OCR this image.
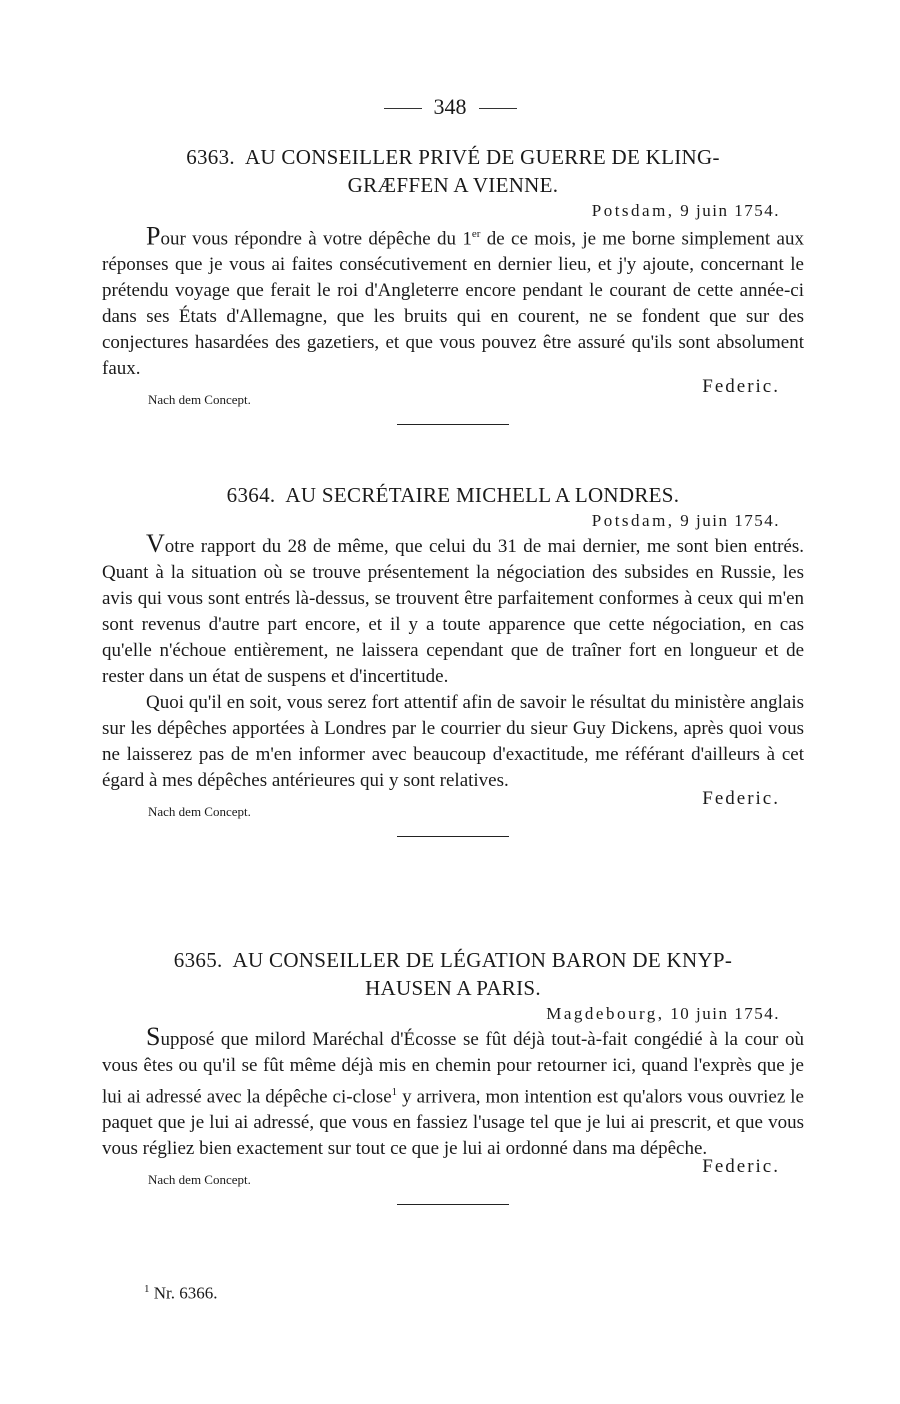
348
6363. AU CONSEILLER PRIVÉ DE GUERRE DE KLING-
GRÆFFEN A VIENNE.
Potsdam, 9 juin 1754.

Pour vous répondre à votre dépêche du 1er de ce mois, je me borne simplement aux réponses que je vous ai faites consécutivement en dernier lieu, et j'y ajoute, concernant le prétendu voyage que ferait le roi d'Angleterre encore pendant le courant de cette année-ci dans ses États d'Allemagne, que les bruits qui en courent, ne se fondent que sur des conjectures hasardées des gazetiers, et que vous pouvez être assuré qu'ils sont absolument faux.

Federic.
Nach dem Concept.
6364. AU SECRÉTAIRE MICHELL A LONDRES.
Potsdam, 9 juin 1754.

Votre rapport du 28 de même, que celui du 31 de mai dernier, me sont bien entrés. Quant à la situation où se trouve présentement la négociation des subsides en Russie, les avis qui vous sont entrés là-dessus, se trouvent être parfaitement conformes à ceux qui m'en sont revenus d'autre part encore, et il y a toute apparence que cette négociation, en cas qu'elle n'échoue entièrement, ne laissera cependant que de traîner fort en longueur et de rester dans un état de suspens et d'incertitude.

Quoi qu'il en soit, vous serez fort attentif afin de savoir le résultat du ministère anglais sur les dépêches apportées à Londres par le courrier du sieur Guy Dickens, après quoi vous ne laisserez pas de m'en informer avec beaucoup d'exactitude, me référant d'ailleurs à cet égard à mes dépêches antérieures qui y sont relatives.

Federic.
Nach dem Concept.
6365. AU CONSEILLER DE LÉGATION BARON DE KNYP-
HAUSEN A PARIS.
Magdebourg, 10 juin 1754.

Supposé que milord Maréchal d'Écosse se fût déjà tout-à-fait congédié à la cour où vous êtes ou qu'il se fût même déjà mis en chemin pour retourner ici, quand l'exprès que je lui ai adressé avec la dépêche ci-close$^1$ y arrivera, mon intention est qu'alors vous ouvriez le paquet que je lui ai adressé, que vous en fassiez l'usage tel que je lui ai prescrit, et que vous vous régliez bien exactement sur tout ce que je lui ai ordonné dans ma dépêche.

Federic.
Nach dem Concept.
$^1$ Nr. 6366.
